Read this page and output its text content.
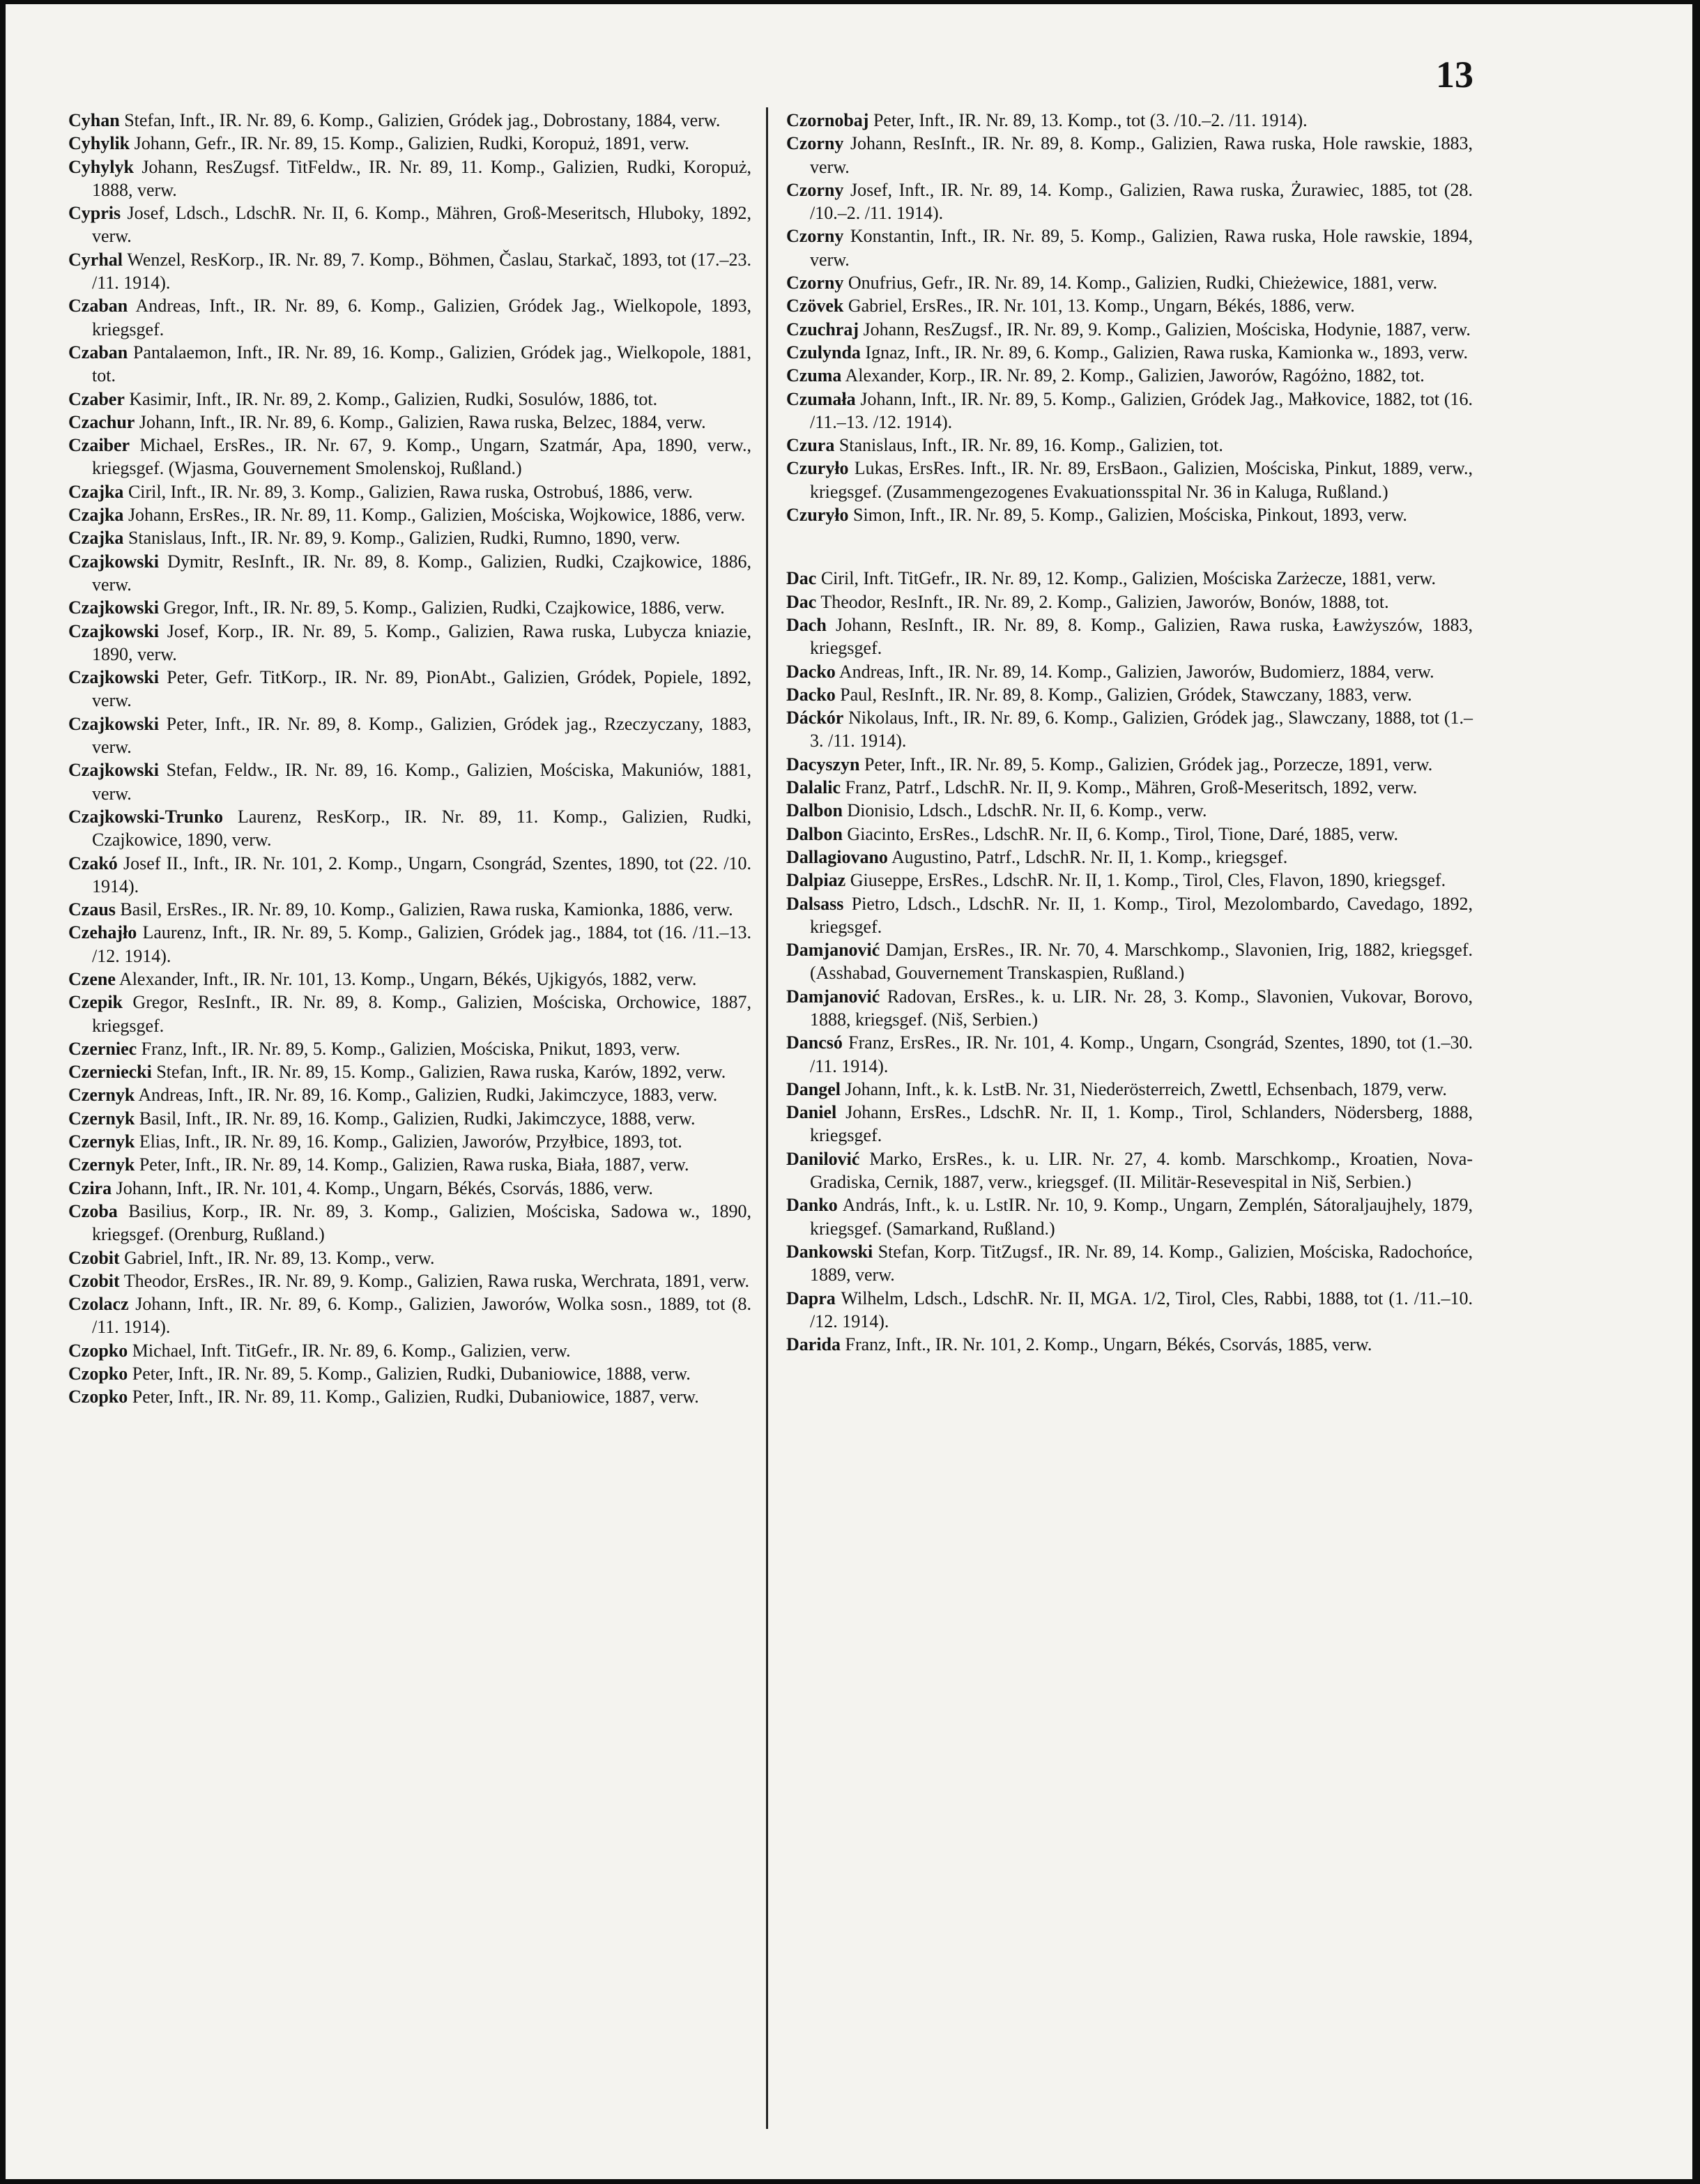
13

Cyhan Stefan, Inft., IR. Nr. 89, 6. Komp., Galizien, Gródek jag., Dobrostany, 1884, verw.

Cyhylik Johann, Gefr., IR. Nr. 89, 15. Komp., Galizien, Rudki, Koropuż, 1891, verw.

Cyhylyk Johann, ResZugsf. TitFeldw., IR. Nr. 89, 11. Komp., Galizien, Rudki, Koropuż, 1888, verw.

Cypris Josef, Ldsch., LdschR. Nr. II, 6. Komp., Mähren, Groß-Meseritsch, Hluboky, 1892, verw.

Cyrhal Wenzel, ResKorp., IR. Nr. 89, 7. Komp., Böhmen, Časlau, Starkač, 1893, tot (17.–23. /11. 1914).

Czaban Andreas, Inft., IR. Nr. 89, 6. Komp., Galizien, Gródek Jag., Wielkopole, 1893, kriegsgef.

Czaban Pantalaemon, Inft., IR. Nr. 89, 16. Komp., Galizien, Gródek jag., Wielkopole, 1881, tot.

Czaber Kasimir, Inft., IR. Nr. 89, 2. Komp., Galizien, Rudki, Sosulów, 1886, tot.

Czachur Johann, Inft., IR. Nr. 89, 6. Komp., Galizien, Rawa ruska, Belzec, 1884, verw.

Czaiber Michael, ErsRes., IR. Nr. 67, 9. Komp., Ungarn, Szatmár, Apa, 1890, verw., kriegsgef. (Wjasma, Gouvernement Smolenskoj, Rußland.)

Czajka Ciril, Inft., IR. Nr. 89, 3. Komp., Galizien, Rawa ruska, Ostrobuś, 1886, verw.

Czajka Johann, ErsRes., IR. Nr. 89, 11. Komp., Galizien, Mościska, Wojkowice, 1886, verw.

Czajka Stanislaus, Inft., IR. Nr. 89, 9. Komp., Galizien, Rudki, Rumno, 1890, verw.

Czajkowski Dymitr, ResInft., IR. Nr. 89, 8. Komp., Galizien, Rudki, Czajkowice, 1886, verw.

Czajkowski Gregor, Inft., IR. Nr. 89, 5. Komp., Galizien, Rudki, Czajkowice, 1886, verw.

Czajkowski Josef, Korp., IR. Nr. 89, 5. Komp., Galizien, Rawa ruska, Lubycza kniazie, 1890, verw.

Czajkowski Peter, Gefr. TitKorp., IR. Nr. 89, PionAbt., Galizien, Gródek, Popiele, 1892, verw.

Czajkowski Peter, Inft., IR. Nr. 89, 8. Komp., Galizien, Gródek jag., Rzeczyczany, 1883, verw.

Czajkowski Stefan, Feldw., IR. Nr. 89, 16. Komp., Galizien, Mościska, Makuniów, 1881, verw.

Czajkowski-Trunko Laurenz, ResKorp., IR. Nr. 89, 11. Komp., Galizien, Rudki, Czajkowice, 1890, verw.

Czakó Josef II., Inft., IR. Nr. 101, 2. Komp., Ungarn, Csongrád, Szentes, 1890, tot (22. /10. 1914).

Czaus Basil, ErsRes., IR. Nr. 89, 10. Komp., Galizien, Rawa ruska, Kamionka, 1886, verw.

Czehajło Laurenz, Inft., IR. Nr. 89, 5. Komp., Galizien, Gródek jag., 1884, tot (16. /11.–13. /12. 1914).

Czene Alexander, Inft., IR. Nr. 101, 13. Komp., Ungarn, Békés, Ujkigyós, 1882, verw.

Czepik Gregor, ResInft., IR. Nr. 89, 8. Komp., Galizien, Mościska, Orchowice, 1887, kriegsgef.

Czerniec Franz, Inft., IR. Nr. 89, 5. Komp., Galizien, Mościska, Pnikut, 1893, verw.

Czerniecki Stefan, Inft., IR. Nr. 89, 15. Komp., Galizien, Rawa ruska, Karów, 1892, verw.

Czernyk Andreas, Inft., IR. Nr. 89, 16. Komp., Galizien, Rudki, Jakimczyce, 1883, verw.

Czernyk Basil, Inft., IR. Nr. 89, 16. Komp., Galizien, Rudki, Jakimczyce, 1888, verw.

Czernyk Elias, Inft., IR. Nr. 89, 16. Komp., Galizien, Jaworów, Przyłbice, 1893, tot.

Czernyk Peter, Inft., IR. Nr. 89, 14. Komp., Galizien, Rawa ruska, Biała, 1887, verw.

Czira Johann, Inft., IR. Nr. 101, 4. Komp., Ungarn, Békés, Csorvás, 1886, verw.

Czoba Basilius, Korp., IR. Nr. 89, 3. Komp., Galizien, Mościska, Sadowa w., 1890, kriegsgef. (Orenburg, Rußland.)

Czobit Gabriel, Inft., IR. Nr. 89, 13. Komp., verw.

Czobit Theodor, ErsRes., IR. Nr. 89, 9. Komp., Galizien, Rawa ruska, Werchrata, 1891, verw.

Czolacz Johann, Inft., IR. Nr. 89, 6. Komp., Galizien, Jaworów, Wolka sosn., 1889, tot (8. /11. 1914).

Czopko Michael, Inft. TitGefr., IR. Nr. 89, 6. Komp., Galizien, verw.

Czopko Peter, Inft., IR. Nr. 89, 5. Komp., Galizien, Rudki, Dubaniowice, 1888, verw.

Czopko Peter, Inft., IR. Nr. 89, 11. Komp., Galizien, Rudki, Dubaniowice, 1887, verw.

Czornobaj Peter, Inft., IR. Nr. 89, 13. Komp., tot (3. /10.–2. /11. 1914).

Czorny Johann, ResInft., IR. Nr. 89, 8. Komp., Galizien, Rawa ruska, Hole rawskie, 1883, verw.

Czorny Josef, Inft., IR. Nr. 89, 14. Komp., Galizien, Rawa ruska, Żurawiec, 1885, tot (28. /10.–2. /11. 1914).

Czorny Konstantin, Inft., IR. Nr. 89, 5. Komp., Galizien, Rawa ruska, Hole rawskie, 1894, verw.

Czorny Onufrius, Gefr., IR. Nr. 89, 14. Komp., Galizien, Rudki, Chieżewice, 1881, verw.

Czövek Gabriel, ErsRes., IR. Nr. 101, 13. Komp., Ungarn, Békés, 1886, verw.

Czuchraj Johann, ResZugsf., IR. Nr. 89, 9. Komp., Galizien, Mościska, Hodynie, 1887, verw.

Czulynda Ignaz, Inft., IR. Nr. 89, 6. Komp., Galizien, Rawa ruska, Kamionka w., 1893, verw.

Czuma Alexander, Korp., IR. Nr. 89, 2. Komp., Galizien, Jaworów, Ragóżno, 1882, tot.

Czumała Johann, Inft., IR. Nr. 89, 5. Komp., Galizien, Gródek Jag., Małkovice, 1882, tot (16. /11.–13. /12. 1914).

Czura Stanislaus, Inft., IR. Nr. 89, 16. Komp., Galizien, tot.

Czuryło Lukas, ErsRes. Inft., IR. Nr. 89, ErsBaon., Galizien, Mościska, Pinkut, 1889, verw., kriegsgef. (Zusammengezogenes Evakuationsspital Nr. 36 in Kaluga, Rußland.)

Czuryło Simon, Inft., IR. Nr. 89, 5. Komp., Galizien, Mościska, Pinkout, 1893, verw.

Dac Ciril, Inft. TitGefr., IR. Nr. 89, 12. Komp., Galizien, Mościska Zarżecze, 1881, verw.

Dac Theodor, ResInft., IR. Nr. 89, 2. Komp., Galizien, Jaworów, Bonów, 1888, tot.

Dach Johann, ResInft., IR. Nr. 89, 8. Komp., Galizien, Rawa ruska, Ławżyszów, 1883, kriegsgef.

Dacko Andreas, Inft., IR. Nr. 89, 14. Komp., Galizien, Jaworów, Budomierz, 1884, verw.

Dacko Paul, ResInft., IR. Nr. 89, 8. Komp., Galizien, Gródek, Stawczany, 1883, verw.

Dáckór Nikolaus, Inft., IR. Nr. 89, 6. Komp., Galizien, Gródek jag., Slawczany, 1888, tot (1.–3. /11. 1914).

Dacyszyn Peter, Inft., IR. Nr. 89, 5. Komp., Galizien, Gródek jag., Porzecze, 1891, verw.

Dalalic Franz, Patrf., LdschR. Nr. II, 9. Komp., Mähren, Groß-Meseritsch, 1892, verw.

Dalbon Dionisio, Ldsch., LdschR. Nr. II, 6. Komp., verw.

Dalbon Giacinto, ErsRes., LdschR. Nr. II, 6. Komp., Tirol, Tione, Daré, 1885, verw.

Dallagiovano Augustino, Patrf., LdschR. Nr. II, 1. Komp., kriegsgef.

Dalpiaz Giuseppe, ErsRes., LdschR. Nr. II, 1. Komp., Tirol, Cles, Flavon, 1890, kriegsgef.

Dalsass Pietro, Ldsch., LdschR. Nr. II, 1. Komp., Tirol, Mezolombardo, Cavedago, 1892, kriegsgef.

Damjanović Damjan, ErsRes., IR. Nr. 70, 4. Marschkomp., Slavonien, Irig, 1882, kriegsgef. (Asshabad, Gouvernement Transkaspien, Rußland.)

Damjanović Radovan, ErsRes., k. u. LIR. Nr. 28, 3. Komp., Slavonien, Vukovar, Borovo, 1888, kriegsgef. (Niš, Serbien.)

Dancsó Franz, ErsRes., IR. Nr. 101, 4. Komp., Ungarn, Csongrád, Szentes, 1890, tot (1.–30. /11. 1914).

Dangel Johann, Inft., k. k. LstB. Nr. 31, Niederösterreich, Zwettl, Echsenbach, 1879, verw.

Daniel Johann, ErsRes., LdschR. Nr. II, 1. Komp., Tirol, Schlanders, Nödersberg, 1888, kriegsgef.

Danilović Marko, ErsRes., k. u. LIR. Nr. 27, 4. komb. Marschkomp., Kroatien, Nova-Gradiska, Cernik, 1887, verw., kriegsgef. (II. Militär-Resevespital in Niš, Serbien.)

Danko András, Inft., k. u. LstIR. Nr. 10, 9. Komp., Ungarn, Zemplén, Sátoraljaujhely, 1879, kriegsgef. (Samarkand, Rußland.)

Dankowski Stefan, Korp. TitZugsf., IR. Nr. 89, 14. Komp., Galizien, Mościska, Radochońce, 1889, verw.

Dapra Wilhelm, Ldsch., LdschR. Nr. II, MGA. 1/2, Tirol, Cles, Rabbi, 1888, tot (1. /11.–10. /12. 1914).

Darida Franz, Inft., IR. Nr. 101, 2. Komp., Ungarn, Békés, Csorvás, 1885, verw.
